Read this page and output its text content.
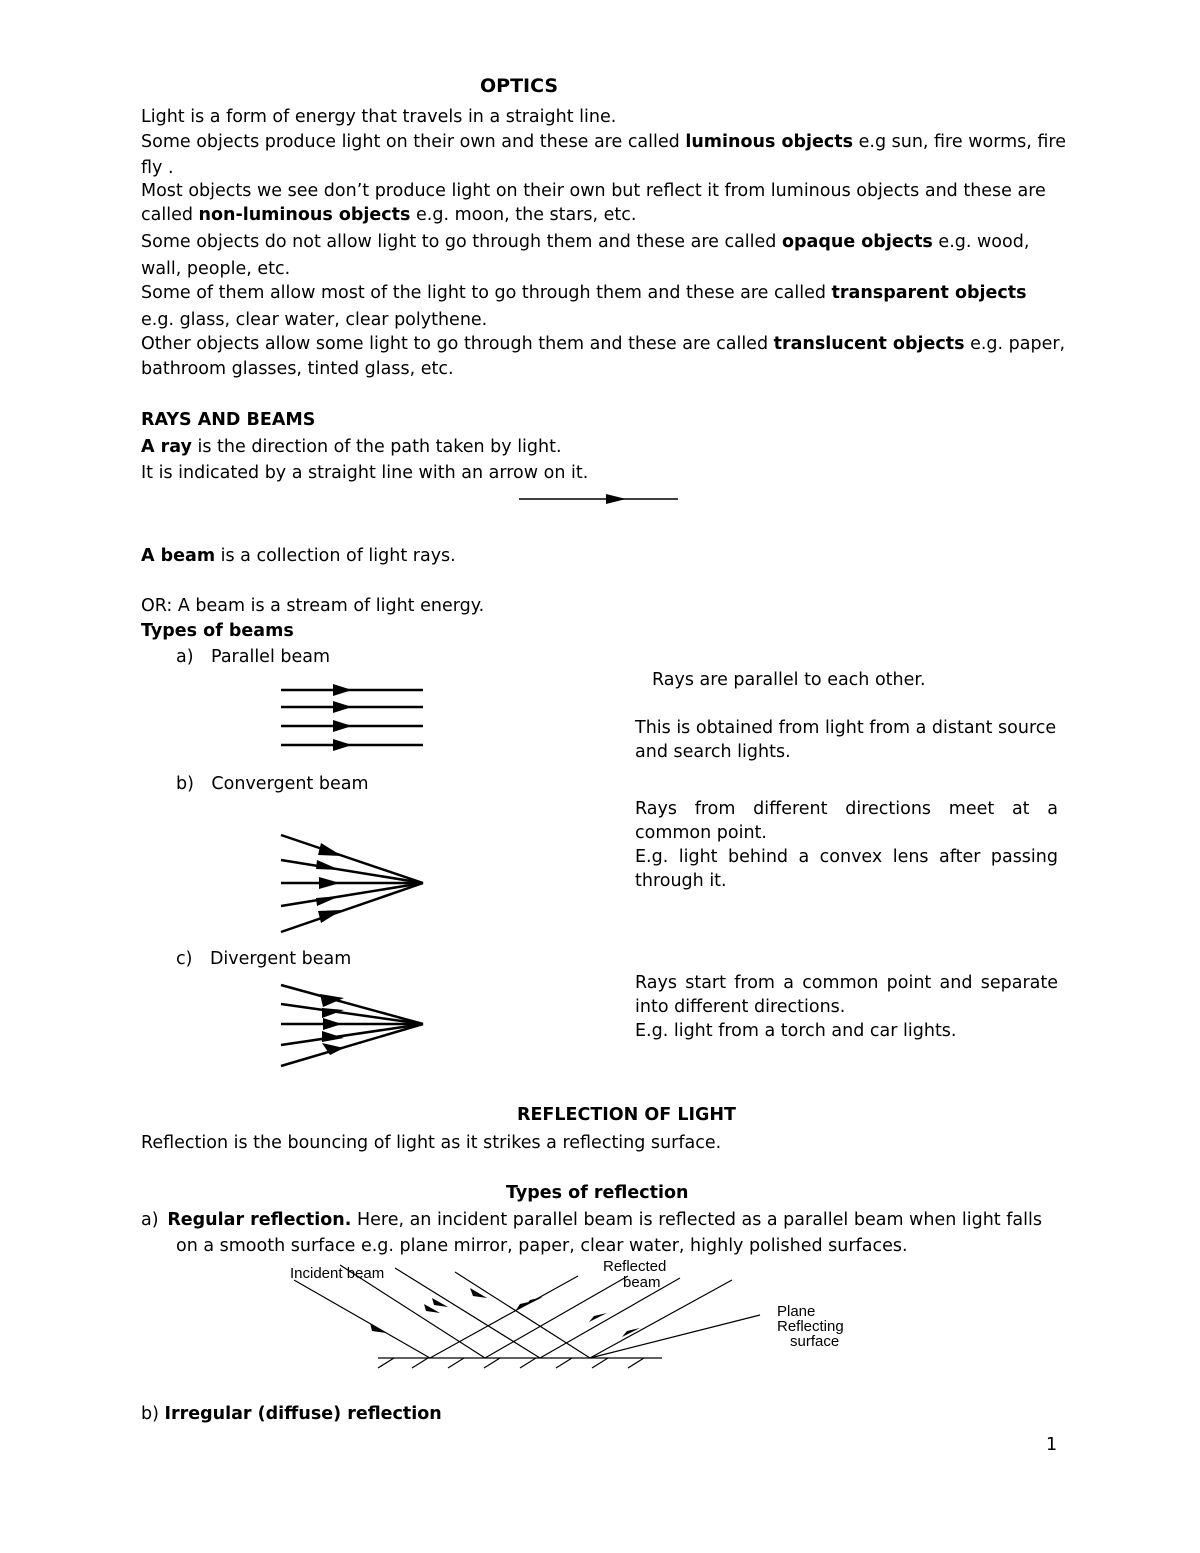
OPTICS
Light is a form of energy that travels in a straight line.
Some objects produce light on their own and these are called luminous objects e.g sun, fire worms, fire
fly .
Most objects we see don’t produce light on their own but reflect it from luminous objects and these are
called non-luminous objects e.g. moon, the stars, etc.
Some objects do not allow light to go through them and these are called opaque objects e.g. wood,
wall, people, etc.
Some of them allow most of the light to go through them and these are called transparent objects
e.g. glass, clear water, clear polythene.
Other objects allow some light to go through them and these are called translucent objects e.g. paper,
bathroom glasses, tinted glass, etc.
RAYS AND BEAMS
A ray is the direction of the path taken by light.
It is indicated by a straight line with an arrow on it.
A beam is a collection of light rays.
OR: A beam is a stream of light energy.
Types of beams
a) Parallel beam
Rays are parallel to each other.
This is obtained from light from a distant source
and search lights.
b) Convergent beam
Rays from different directions meet at a
common point.
E.g. light behind a convex lens after passing
through it.
c) Divergent beam
Rays start from a common point and separate
into different directions.
E.g. light from a torch and car lights.
REFLECTION OF LIGHT
Reflection is the bouncing of light as it strikes a reflecting surface.
Types of reflection
a) Regular reflection. Here, an incident parallel beam is reflected as a parallel beam when light falls
on a smooth surface e.g. plane mirror, paper, clear water, highly polished surfaces.
Incident beam	Reflected
beam
Plane
Reflecting
surface
b) Irregular (diffuse) reflection
1
